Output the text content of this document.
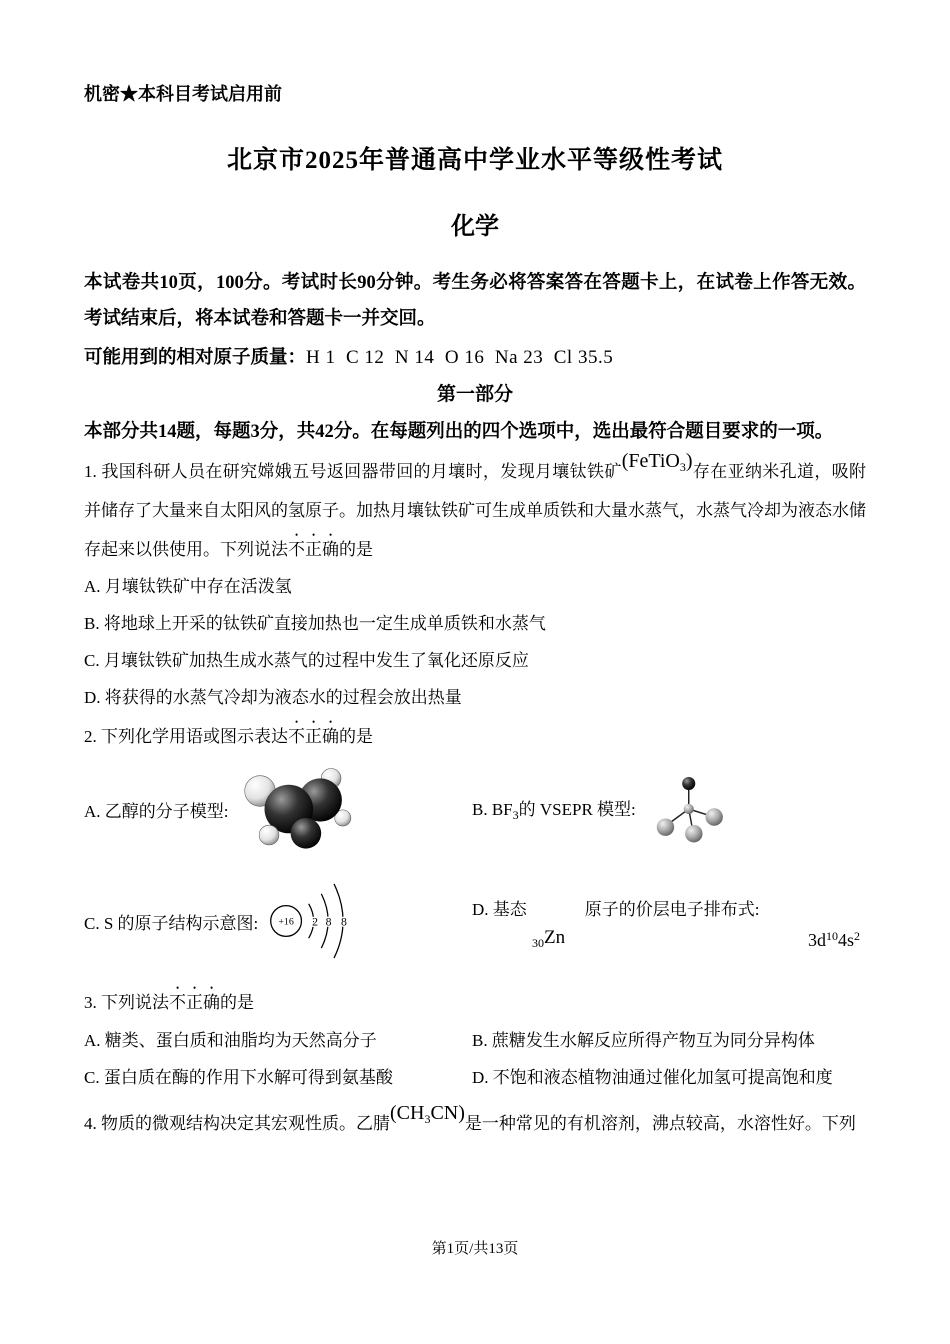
机密★本科目考试启用前
北京市2025年普通高中学业水平等级性考试
化学

本试卷共10页，100分。考试时长90分钟。考生务必将答案答在答题卡上，在试卷上作答无效。考试结束后，将本试卷和答题卡一并交回。

可能用到的相对原子质量：H 1  C 12  N 14  O 16  Na 23  Cl 35.5

第一部分

本部分共14题，每题3分，共42分。在每题列出的四个选项中，选出最符合题目要求的一项。

1. 我国科研人员在研究嫦娥五号返回器带回的月壤时，发现月壤钛铁矿(FeTiO$_3$)存在亚纳米孔道，吸附并储存了大量来自太阳风的氢原子。加热月壤钛铁矿可生成单质铁和大量水蒸气，水蒸气冷却为液态水储存起来以供使用。下列说法不正确的是

A. 月壤钛铁矿中存在活泼氢
B. 将地球上开采的钛铁矿直接加热也一定生成单质铁和水蒸气
C. 月壤钛铁矿加热生成水蒸气的过程中发生了氧化还原反应
D. 将获得的水蒸气冷却为液态水的过程会放出热量

2. 下列化学用语或图示表达不正确的是

A. 乙醇的分子模型:	B. $BF_3$的 VSEPR 模型:
C. S 的原子结构示意图: +16 2 8 8
D. 基态	原子的价层电子排布式:
$_{30}$Zn	$3d^{10}4s^2$

3. 下列说法不正确的是

A. 糖类、蛋白质和油脂均为天然高分子	B. 蔗糖发生水解反应所得产物互为同分异构体
C. 蛋白质在酶的作用下水解可得到氨基酸	D. 不饱和液态植物油通过催化加氢可提高饱和度

4. 物质的微观结构决定其宏观性质。乙腈$(CH_3CN)$是一种常见的有机溶剂，沸点较高，水溶性好。下列

第1页/共13页
